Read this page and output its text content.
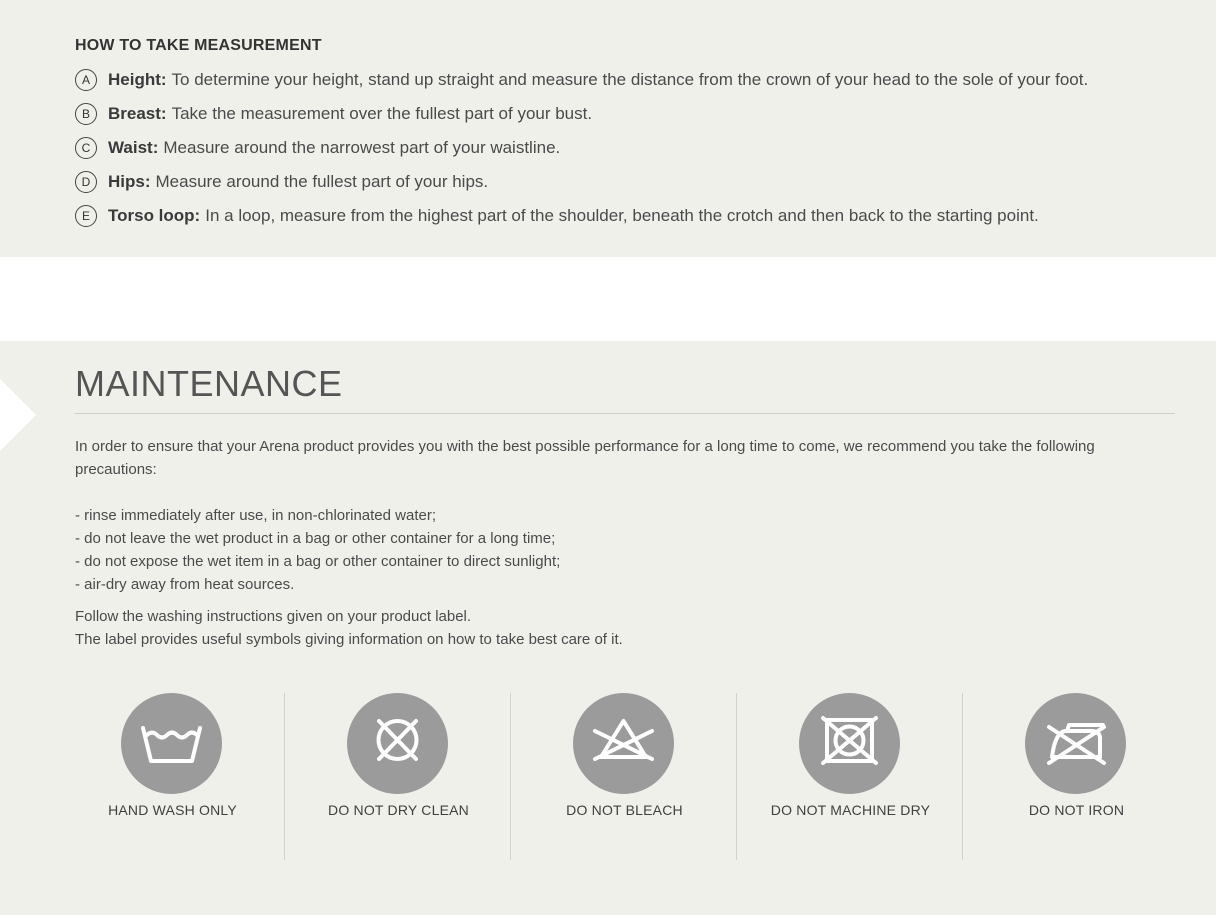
HOW TO TAKE MEASUREMENT
A	Height: To determine your height, stand up straight and measure the distance from the crown of your head to the sole of your foot.
B	Breast: Take the measurement over the fullest part of your bust.
C	Waist: Measure around the narrowest part of your waistline.
D	Hips: Measure around the fullest part of your hips.
E	Torso loop: In a loop, measure from the highest part of the shoulder, beneath the crotch and then back to the starting point.
MAINTENANCE

In order to ensure that your Arena product provides you with the best possible performance for a long time to come, we recommend you take the following
precautions:

- rinse immediately after use, in non-chlorinated water;
- do not leave the wet product in a bag or other container for a long time;
- do not expose the wet item in a bag or other container to direct sunlight;
- air-dry away from heat sources.

Follow the washing instructions given on your product label.
The label provides useful symbols giving information on how to take best care of it.

HAND WASH ONLY	DO NOT DRY CLEAN	DO NOT BLEACH	DO NOT MACHINE DRY	DO NOT IRON
